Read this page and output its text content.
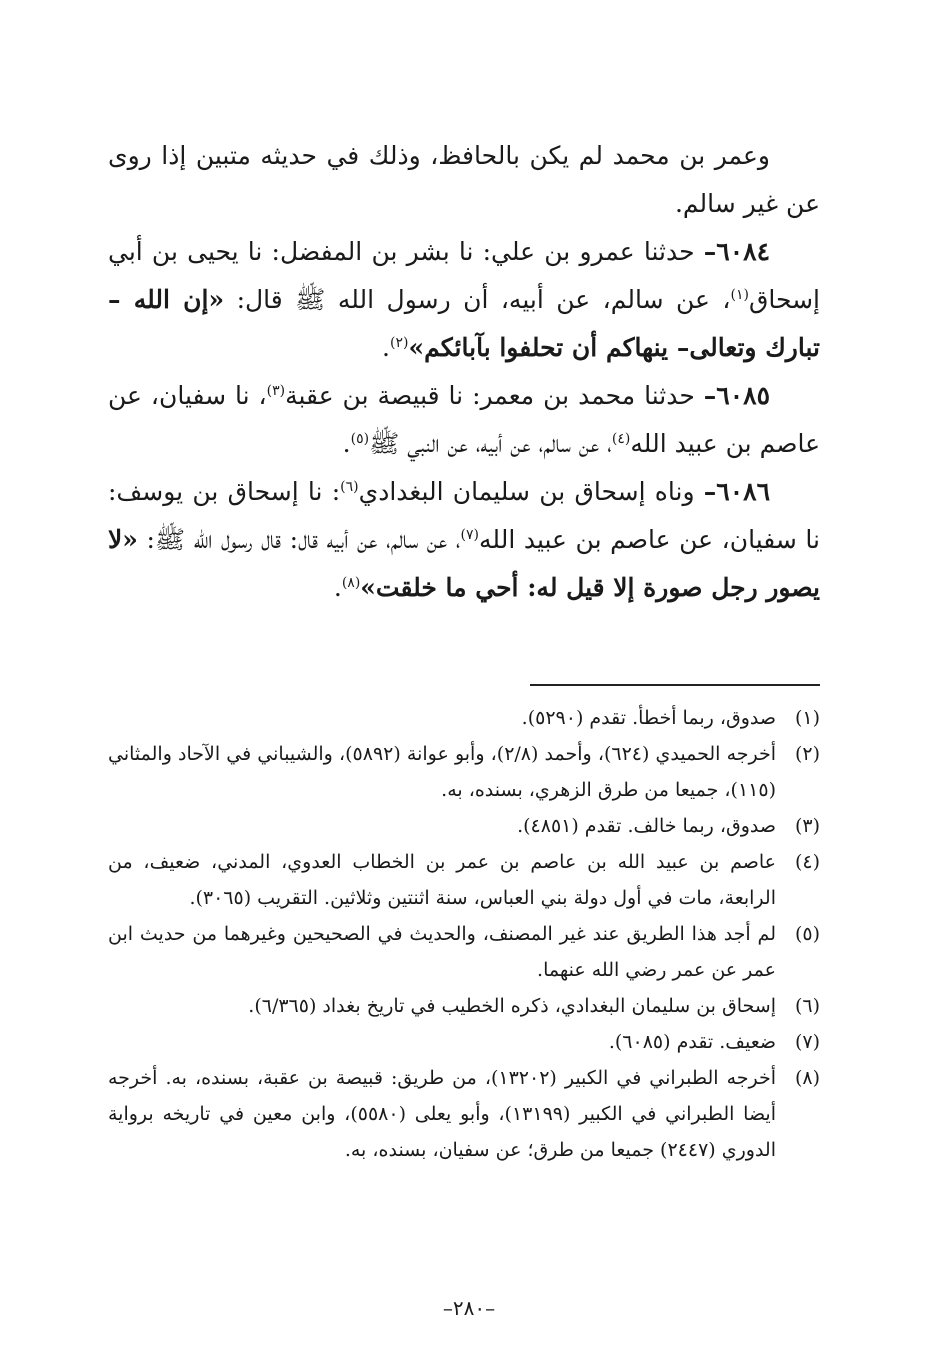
وعمر بن محمد لم يكن بالحافظ، وذلك في حديثه متبين إذا روى عن غير سالم.

٦٠٨٤– حدثنا عمرو بن علي: نا بشر بن المفضل: نا يحيى بن أبي إسحاق$^{(١)}$، عن سالم، عن أبيه، أن رسول الله ﷺ قال: «إن الله –تبارك وتعالى– ينهاكم أن تحلفوا بآبائكم»$^{(٢)}$.

٦٠٨٥– حدثنا محمد بن معمر: نا قبيصة بن عقبة$^{(٣)}$، نا سفيان، عن عاصم بن عبيد الله$^{(٤)}$، عن سالم، عن أبيه، عن النبي ﷺ$^{(٥)}$.

٦٠٨٦– وناه إسحاق بن سليمان البغدادي$^{(٦)}$: نا إسحاق بن يوسف: نا سفيان، عن عاصم بن عبيد الله$^{(٧)}$، عن سالم، عن أبيه قال: قال رسول الله ﷺ: «لا يصور رجل صورة إلا قيل له: أحي ما خلقت»$^{(٨)}$.

(١)
صدوق، ربما أخطأ. تقدم (٥٢٩٠).

(٢)
أخرجه الحميدي (٦٢٤)، وأحمد (٢/٨)، وأبو عوانة (٥٨٩٢)، والشيباني في الآحاد والمثاني (١١٥)، جميعا من طرق الزهري، بسنده، به.

(٣)
صدوق، ربما خالف. تقدم (٤٨٥١).

(٤)
عاصم بن عبيد الله بن عاصم بن عمر بن الخطاب العدوي، المدني، ضعيف، من الرابعة، مات في أول دولة بني العباس، سنة اثنتين وثلاثين. التقريب (٣٠٦٥).

(٥)
لم أجد هذا الطريق عند غير المصنف، والحديث في الصحيحين وغيرهما من حديث ابن عمر عن عمر رضي الله عنهما.

(٦)
إسحاق بن سليمان البغدادي، ذكره الخطيب في تاريخ بغداد (٦/٣٦٥).

(٧)
ضعيف. تقدم (٦٠٨٥).

(٨)
أخرجه الطبراني في الكبير (١٣٢٠٢)، من طريق: قبيصة بن عقبة، بسنده، به. أخرجه أيضا الطبراني في الكبير (١٣١٩٩)، وأبو يعلى (٥٥٨٠)، وابن معين في تاريخه برواية الدوري (٢٤٤٧) جميعا من طرق؛ عن سفيان، بسنده، به.

–٢٨٠–
